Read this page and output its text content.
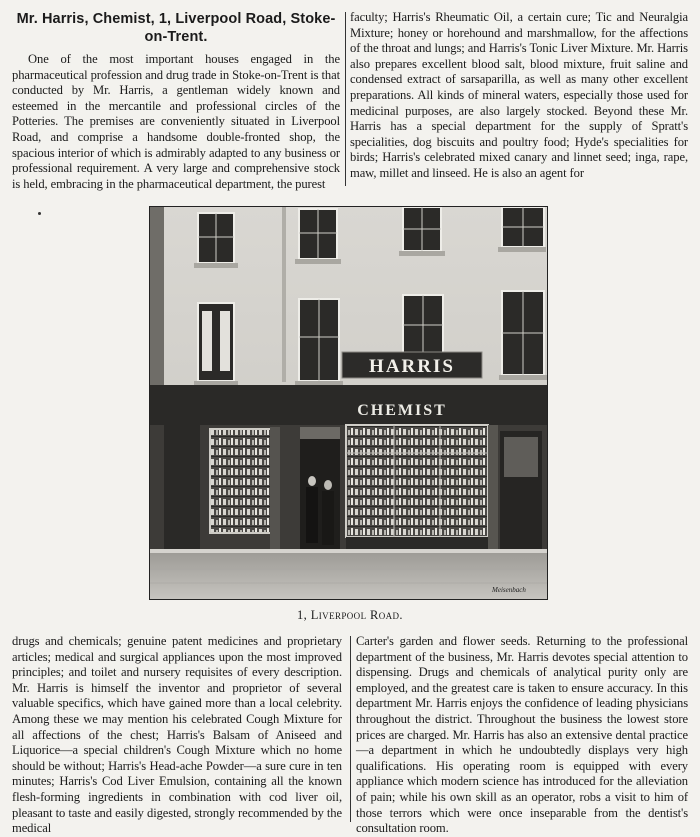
Mr. Harris, Chemist, 1, Liverpool Road, Stoke-on-Trent.

One of the most important houses engaged in the pharmaceutical profession and drug trade in Stoke-on-Trent is that conducted by Mr. Harris, a gentleman widely known and esteemed in the mercantile and professional circles of the Potteries. The premises are conveniently situated in Liverpool Road, and comprise a handsome double-fronted shop, the spacious interior of which is admirably adapted to any business or professional requirement. A very large and comprehensive stock is held, embracing in the pharmaceutical department, the purest

faculty; Harris's Rheumatic Oil, a certain cure; Tic and Neuralgia Mixture; honey or horehound and marshmallow, for the affections of the throat and lungs; and Harris's Tonic Liver Mixture. Mr. Harris also prepares excellent blood salt, blood mixture, fruit saline and condensed extract of sarsaparilla, as well as many other excellent preparations. All kinds of mineral waters, especially those used for medicinal purposes, are also largely stocked. Beyond these Mr. Harris has a special department for the supply of Spratt's specialities, dog biscuits and poultry food; Hyde's specialities for birds; Harris's celebrated mixed canary and linnet seed; inga, rape, maw, millet and linseed. He is also an agent for

HARRIS
CHEMIST
Meisenbach
1, Liverpool Road.

drugs and chemicals; genuine patent medicines and proprietary articles; medical and surgical appliances upon the most improved principles; and toilet and nursery requisites of every description. Mr. Harris is himself the inventor and proprietor of several valuable specifics, which have gained more than a local celebrity. Among these we may mention his celebrated Cough Mixture for all affections of the chest; Harris's Balsam of Aniseed and Liquorice—a special children's Cough Mixture which no home should be without; Harris's Head-ache Powder—a sure cure in ten minutes; Harris's Cod Liver Emulsion, containing all the known flesh-forming ingredients in combination with cod liver oil, pleasant to taste and easily digested, strongly recommended by the medical

Carter's garden and flower seeds. Returning to the professional department of the business, Mr. Harris devotes special attention to dispensing. Drugs and chemicals of analytical purity only are employed, and the greatest care is taken to ensure accuracy. In this department Mr. Harris enjoys the confidence of leading physicians throughout the district. Throughout the business the lowest store prices are charged. Mr. Harris has also an extensive dental practice—a department in which he undoubtedly displays very high qualifications. His operating room is equipped with every appliance which modern science has introduced for the alleviation of pain; while his own skill as an operator, robs a visit to him of those terrors which were once inseparable from the dentist's consultation room.
